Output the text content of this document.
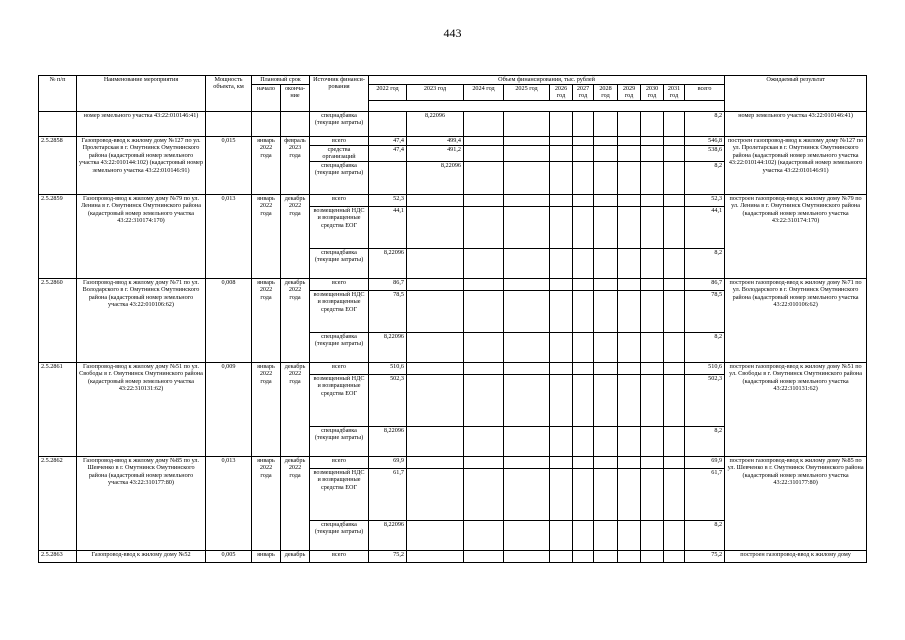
443
№ п/п	Наименование мероприятия	Мощность объекта, км	Плановый срок		Источник финанси-рования	Объем финансирования, тыс. рублей											Ожидаемый результат
			начало	оконча-ние		2022 год	2023 год	2024 год	2025 год	2026 год	2027 год	2028 год	2029 год	2030 год	2031 год	всего	

	номер земельного участка 43:22:010146:41)				спецнадбавка (текущие затраты)		8,22096									8,2	номер земельного участка 43:22:010146:41)
2.5.2858	Газопровод-ввод к жилому дому №127 по ул. Пролетарская в г. Омутнинск Омутнинского района (кадастровый номер земельного участка 43:22:010144:102) (кадастровый номер земельного участка 43:22:010146:91)	0,015	январь 2022 года	февраль 2023 года	всего	47,4	499,4									546,8	построен газопровод-ввод к жилому дому №127 по ул. Пролетарская в г. Омутнинск Омутнинского района (кадастровый номер земельного участка 43:22:010144:102) (кадастровый номер земельного участка 43:22:010146:91)
					средства организаций	47,4	491,2									538,6	
					спецнадбавка (текущие затраты)		8,22096									8,2	
2.5.2859	Газопровод-ввод к жилому дому №79 по ул. Ленина в г. Омутнинск Омутнинского района (кадастровый номер земельного участка 43:22:310174:170)	0,013	январь 2022 года	декабрь 2022 года	всего	52,3										52,3	построен газопровод-ввод к жилому дому №79 по ул. Ленина в г. Омутнинск Омутнинского района (кадастровый номер земельного участка 43:22:310174:170)
					возмещенный НДС и возвращенные средства ЕОГ	44,1										44,1	
					спецнадбавка (текущие затраты)	8,22096										8,2	
2.5.2860	Газопровод-ввод к жилому дому №71 по ул. Володарского в г. Омутнинск Омутнинского района (кадастровый номер земельного участка 43:22:010106:62)	0,008	январь 2022 года	декабрь 2022 года	всего	86,7										86,7	построен газопровод-ввод к жилому дому №71 по ул. Володарского в г. Омутнинск Омутнинского района (кадастровый номер земельного участка 43:22:010106:62)
					возмещенный НДС и возвращенные средства ЕОГ	78,5										78,5	
					спецнадбавка (текущие затраты)	8,22096										8,2	
2.5.2861	Газопровод-ввод к жилому дому №51 по ул. Свободы в г. Омутнинск Омутнинского района (кадастровый номер земельного участка 43:22:310131:62)	0,009	январь 2022 года	декабрь 2022 года	всего	510,6										510,6	построен газопровод-ввод к жилому дому №51 по ул. Свободы в г. Омутнинск Омутнинского района (кадастровый номер земельного участка 43:22:310131:62)
					возмещенный НДС и возвращенные средства ЕОГ	502,3										502,3	
					спецнадбавка (текущие затраты)	8,22096										8,2	
2.5.2862	Газопровод-ввод к жилому дому №85 по ул. Шевченко в г. Омутнинск Омутнинского района (кадастровый номер земельного участка 43:22:310177:80)	0,013	январь 2022 года	декабрь 2022 года	всего	69,9										69,9	построен газопровод-ввод к жилому дому №85 по ул. Шевченко в г. Омутнинск Омутнинского района (кадастровый номер земельного участка 43:22:310177:80)
					возмещенный НДС и возвращенные средства ЕОГ	61,7										61,7	
					спецнадбавка (текущие затраты)	8,22096										8,2	
2.5.2863	Газопровод-ввод к жилому дому №52	0,005	январь	декабрь	всего	75,2										75,2	построен газопровод-ввод к жилому дому
